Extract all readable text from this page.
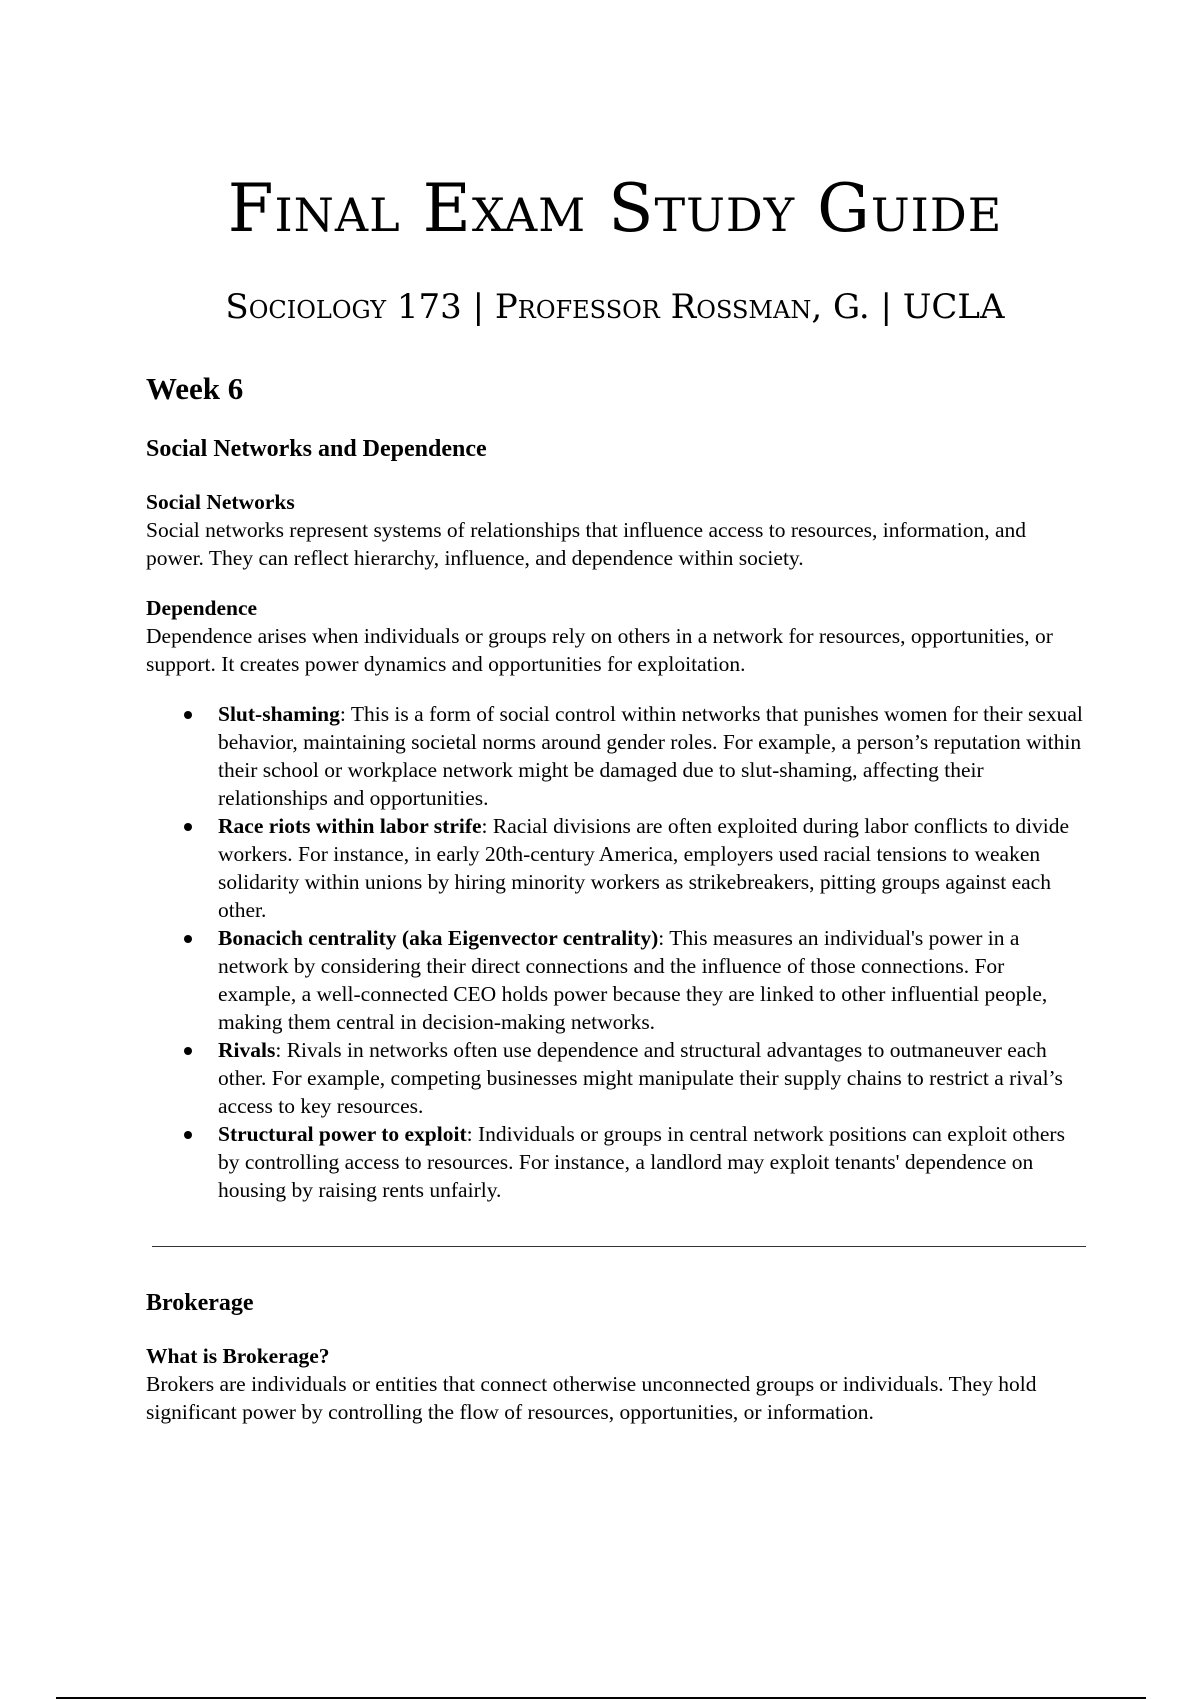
Final Exam Study Guide
Sociology 173 | Professor Rossman, G. | UCLA
Week 6
Social Networks and Dependence

Social Networks

Social networks represent systems of relationships that influence access to resources, information, and power. They can reflect hierarchy, influence, and dependence within society.

Dependence

Dependence arises when individuals or groups rely on others in a network for resources, opportunities, or support. It creates power dynamics and opportunities for exploitation.

Slut-shaming: This is a form of social control within networks that punishes women for their sexual behavior, maintaining societal norms around gender roles. For example, a person’s reputation within their school or workplace network might be damaged due to slut-shaming, affecting their relationships and opportunities.
Race riots within labor strife: Racial divisions are often exploited during labor conflicts to divide workers. For instance, in early 20th-century America, employers used racial tensions to weaken solidarity within unions by hiring minority workers as strikebreakers, pitting groups against each other.
Bonacich centrality (aka Eigenvector centrality): This measures an individual's power in a network by considering their direct connections and the influence of those connections. For example, a well-connected CEO holds power because they are linked to other influential people, making them central in decision-making networks.
Rivals: Rivals in networks often use dependence and structural advantages to outmaneuver each other. For example, competing businesses might manipulate their supply chains to restrict a rival’s access to key resources.
Structural power to exploit: Individuals or groups in central network positions can exploit others by controlling access to resources. For instance, a landlord may exploit tenants' dependence on housing by raising rents unfairly.
Brokerage

What is Brokerage?

Brokers are individuals or entities that connect otherwise unconnected groups or individuals. They hold significant power by controlling the flow of resources, opportunities, or information.
